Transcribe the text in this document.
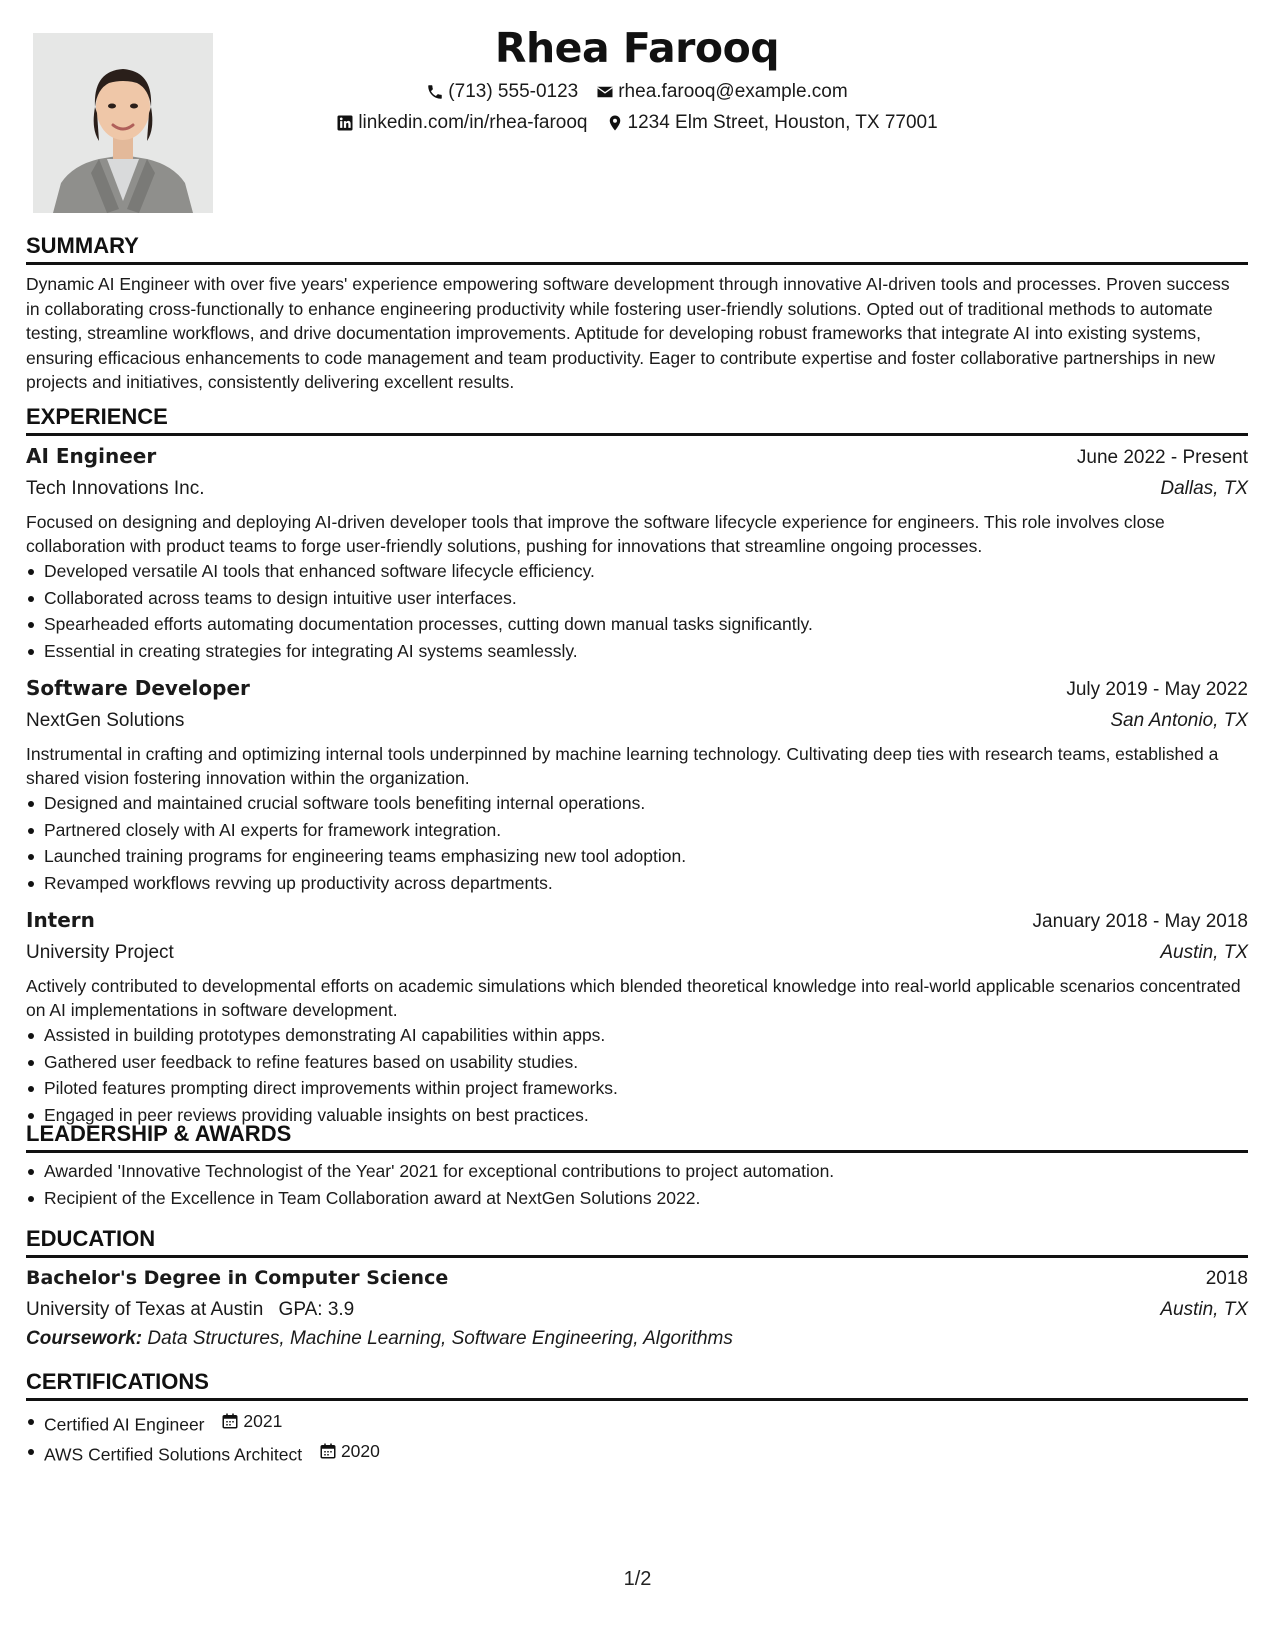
Rhea Farooq
(713) 555-0123 rhea.farooq@example.com
linkedin.com/in/rhea-farooq 1234 Elm Street, Houston, TX 77001
SUMMARY

Dynamic AI Engineer with over five years' experience empowering software development through innovative AI-driven tools and processes. Proven success in collaborating cross-functionally to enhance engineering productivity while fostering user-friendly solutions. Opted out of traditional methods to automate testing, streamline workflows, and drive documentation improvements. Aptitude for developing robust frameworks that integrate AI into existing systems, ensuring efficacious enhancements to code management and team productivity. Eager to contribute expertise and foster collaborative partnerships in new projects and initiatives, consistently delivering excellent results.

EXPERIENCE
AI Engineer	June 2022 - Present
Tech Innovations Inc.	Dallas, TX

Focused on designing and deploying AI-driven developer tools that improve the software lifecycle experience for engineers. This role involves close collaboration with product teams to forge user-friendly solutions, pushing for innovations that streamline ongoing processes.

Developed versatile AI tools that enhanced software lifecycle efficiency.
Collaborated across teams to design intuitive user interfaces.
Spearheaded efforts automating documentation processes, cutting down manual tasks significantly.
Essential in creating strategies for integrating AI systems seamlessly.
Software Developer	July 2019 - May 2022
NextGen Solutions	San Antonio, TX

Instrumental in crafting and optimizing internal tools underpinned by machine learning technology. Cultivating deep ties with research teams, established a shared vision fostering innovation within the organization.

Designed and maintained crucial software tools benefiting internal operations.
Partnered closely with AI experts for framework integration.
Launched training programs for engineering teams emphasizing new tool adoption.
Revamped workflows revving up productivity across departments.
Intern	January 2018 - May 2018
University Project	Austin, TX

Actively contributed to developmental efforts on academic simulations which blended theoretical knowledge into real-world applicable scenarios concentrated on AI implementations in software development.

Assisted in building prototypes demonstrating AI capabilities within apps.
Gathered user feedback to refine features based on usability studies.
Piloted features prompting direct improvements within project frameworks.
Engaged in peer reviews providing valuable insights on best practices.
LEADERSHIP & AWARDS
Awarded 'Innovative Technologist of the Year' 2021 for exceptional contributions to project automation.
Recipient of the Excellence in Team Collaboration award at NextGen Solutions 2022.
EDUCATION
Bachelor's Degree in Computer Science	2018
University of Texas at Austin GPA: 3.9	Austin, TX
Coursework: Data Structures, Machine Learning, Software Engineering, Algorithms
CERTIFICATIONS
Certified AI Engineer 2021
AWS Certified Solutions Architect 2020
1/2
